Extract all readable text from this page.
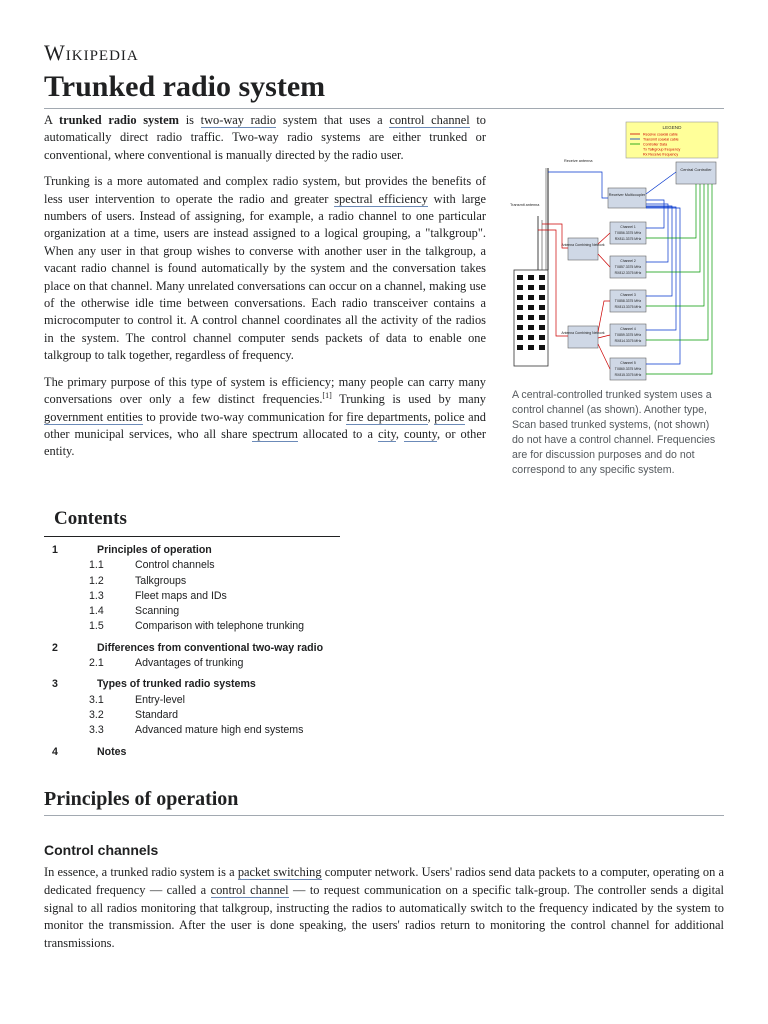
Wikipedia
Trunked radio system

A trunked radio system is two-way radio system that uses a control channel to automatically direct radio traffic. Two-way radio systems are either trunked or conventional, where conventional is manually directed by the radio user.

Trunking is a more automated and complex radio system, but provides the benefits of less user intervention to operate the radio and greater spectral efficiency with large numbers of users. Instead of assigning, for example, a radio channel to one particular organization at a time, users are instead assigned to a logical grouping, a "talkgroup". When any user in that group wishes to converse with another user in the talkgroup, a vacant radio channel is found automatically by the system and the conversation takes place on that channel. Many unrelated conversations can occur on a channel, making use of the otherwise idle time between conversations. Each radio transceiver contains a microcomputer to control it. A control channel coordinates all the activity of the radios in the system. The control channel computer sends packets of data to enable one talkgroup to talk together, regardless of frequency.

The primary purpose of this type of system is efficiency; many people can carry many conversations over only a few distinct frequencies.[1] Trunking is used by many government entities to provide two-way communication for fire departments, police and other municipal services, who all share spectrum allocated to a city, county, or other entity.

LEGEND
Receive coaxial cable
Transmit coaxial cable
Controller Data
Tx Talkgroup frequency
Rx Receive frequency
Central Controller
Receive antenna
Transmit antenna
Receiver Multicoupler
Antenna Combining Network
Antenna Combining Network
Channel 1
TX856.3375 MHz
RX811.3375 MHz
Channel 2
TX857.3375 MHz
RX812.3375 MHz
Channel 3
TX858.3375 MHz
RX813.3375 MHz
Channel 4
TX859.3375 MHz
RX814.3375 MHz
Channel 5
TX860.3375 MHz
RX815.3375 MHz
A central-controlled trunked system uses a control channel (as shown). Another type, Scan based trunked systems, (not shown) do not have a control channel. Frequencies are for discussion purposes and do not correspond to any specific system.
Contents
1	Principles of operation
1.1	Control channels
1.2	Talkgroups
1.3	Fleet maps and IDs
1.4	Scanning
1.5	Comparison with telephone trunking
2	Differences from conventional two-way radio
2.1	Advantages of trunking
3	Types of trunked radio systems
3.1	Entry-level
3.2	Standard
3.3	Advanced mature high end systems
4	Notes
Principles of operation
Control channels

In essence, a trunked radio system is a packet switching computer network. Users' radios send data packets to a computer, operating on a dedicated frequency — called a control channel — to request communication on a specific talk-group. The controller sends a digital signal to all radios monitoring that talkgroup, instructing the radios to automatically switch to the frequency indicated by the system to monitor the transmission. After the user is done speaking, the users' radios return to monitoring the control channel for additional transmissions.
